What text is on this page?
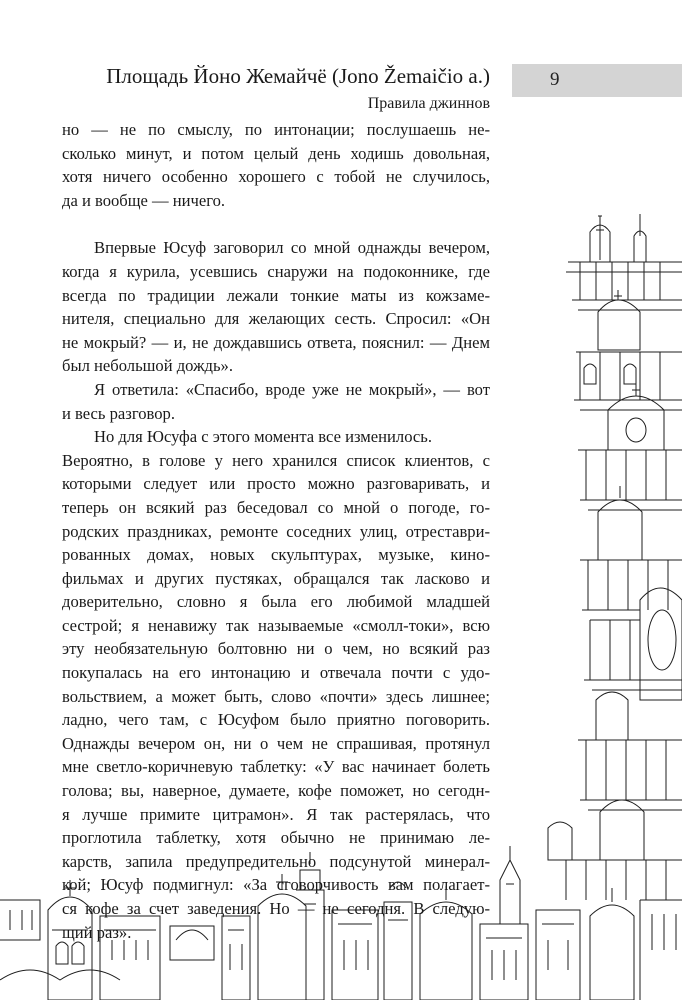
9
Площадь Йоно Жемайчё (Jono Žemaičio a.)
Правила джиннов
но — не по смыслу, по интонации; послушаешь не-
сколько минут, и потом целый день ходишь довольная,
хотя ничего особенно хорошего с тобой не случилось,
да и вообще — ничего.
Впервые Юсуф заговорил со мной однажды вечером,
когда я курила, усевшись снаружи на подоконнике, где
всегда по традиции лежали тонкие маты из кожзаме-
нителя, специально для желающих сесть. Спросил: «Он
не мокрый? — и, не дождавшись ответа, пояснил: — Днем
был небольшой дождь».
Я ответила: «Спасибо, вроде уже не мокрый», — вот
и весь разговор.
Но для Юсуфа с этого момента все изменилось.
Вероятно, в голове у него хранился список клиентов, с
которыми следует или просто можно разговаривать, и
теперь он всякий раз беседовал со мной о погоде, го-
родских праздниках, ремонте соседних улиц, отреставри-
рованных домах, новых скульптурах, музыке, кино-
фильмах и других пустяках, обращался так ласково и
доверительно, словно я была его любимой младшей
сестрой; я ненавижу так называемые «смолл-токи», всю
эту необязательную болтовню ни о чем, но всякий раз
покупалась на его интонацию и отвечала почти с удо-
вольствием, а может быть, слово «почти» здесь лишнее;
ладно, чего там, с Юсуфом было приятно поговорить.
Однажды вечером он, ни о чем не спрашивая, протянул
мне светло-коричневую таблетку: «У вас начинает болеть
голова; вы, наверное, думаете, кофе поможет, но сегодн-
я лучше примите цитрамон». Я так растерялась, что
проглотила таблетку, хотя обычно не принимаю ле-
карств, запила предупредительно подсунутой минерал-
кой; Юсуф подмигнул: «За сговорчивость вам полагает-
ся кофе за счет заведения. Но — не сегодня. В следую-
щий раз».
